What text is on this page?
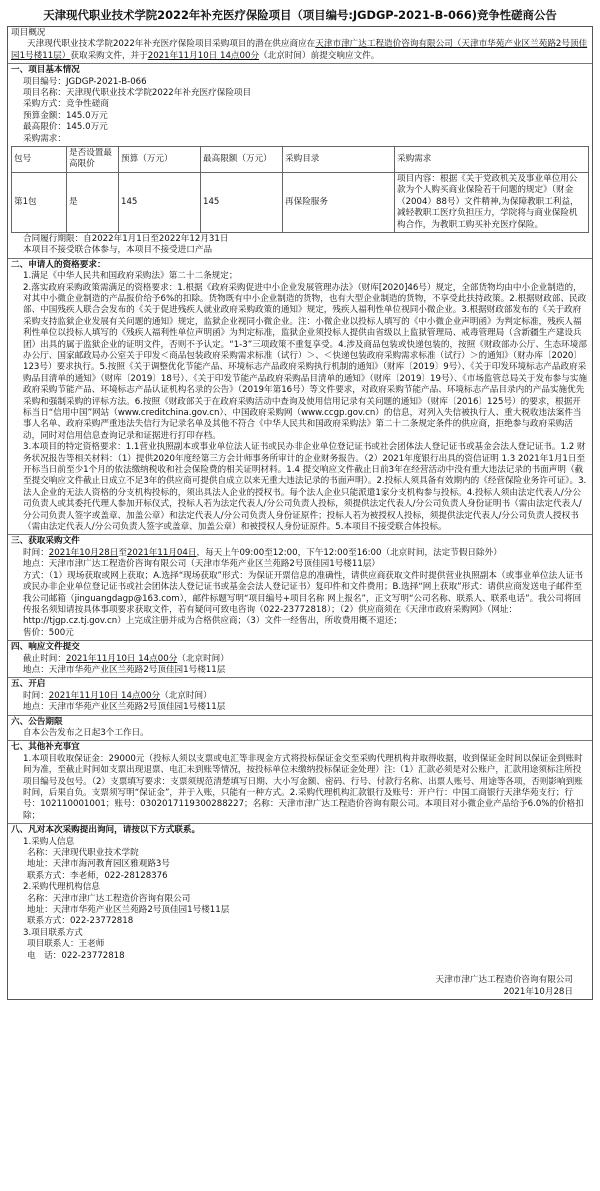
天津现代职业技术学院2022年补充医疗保险项目（项目编号:JGDGP-2021-B-066)竞争性磋商公告
项目概况
天津现代职业技术学院2022年补充医疗保险项目采购项目的潜在供应商应在天津市津广达工程造价咨询有限公司（天津市华苑产业区兰苑路2号顶佳园1号楼11层）获取采购文件，并于2021年11月10日 14点00分（北京时间）前提交响应文件。
一、项目基本情况
项目编号：JGDGP-2021-B-066
项目名称：天津现代职业技术学院2022年补充医疗保险项目
采购方式：竞争性磋商
预算金额：145.0万元
最高限价：145.0万元
采购需求：
包号	是否设置最高限价	预算（万元）	最高限额（万元）	采购目录	采购需求
第1包	是	145	145	再保险服务	项目内容：根据《关于党政机关及事业单位用公款为个人购买商业保险若干问题的规定》（财金（2004）88号）文件精神,为保障教职工利益，减轻教职工医疗负担压力，学院将与商业保险机构合作，为教职工购买补充医疗保险。
合同履行期限：自2022年1月1日至2022年12月31日
本项目不接受联合体参与，本项目不接受进口产品
二、申请人的资格要求：
1.满足《中华人民共和国政府采购法》第二十二条规定；
2.落实政府采购政策需满足的资格要求：1.根据《政府采购促进中小企业发展管理办法》（财库[2020]46号）规定，全部货物均由中小企业制造的，对其中小微企业制造的产品报价给予6%的扣除。货物既有中小企业制造的货物，也有大型企业制造的货物，不享受此扶持政策。2.根据财政部、民政部、中国残疾人联合会发布的《关于促进残疾人就业政府采购政策的通知》规定，残疾人福利性单位视同小微企业。3.根据财政部发布的《关于政府采购支持监狱企业发展有关问题的通知》规定，监狱企业视同小微企业。注：小微企业以投标人填写的《中小微企业声明函》为判定标准，残疾人福利性单位以投标人填写的《残疾人福利性单位声明函》为判定标准，监狱企业须投标人提供由省级以上监狱管理局、戒毒管理局（含新疆生产建设兵团）出具的属于监狱企业的证明文件，否则不予认定。“1-3”三项政策不重复享受。4.涉及商品包装或快递包装的，按照《财政部办公厅、生态环境部办公厅、国家邮政局办公室关于印发＜商品包装政府采购需求标准（试行）＞、＜快递包装政府采购需求标准（试行）＞的通知》（财办库〔2020〕123号）要求执行。5.按照《关于调整优化节能产品、环境标志产品政府采购执行机制的通知》（财库〔2019〕9号）、《关于印发环境标志产品政府采购品目清单的通知》（财库〔2019〕18号）、《关于印发节能产品政府采购品目清单的通知》（财库〔2019〕19号）、《市场监管总局关于发布参与实施政府采购节能产品、环境标志产品认证机构名录的公告》（2019年第16号）等文件要求，对政府采购节能产品、环境标志产品目录内的产品实施优先采购和强制采购的评标方法。6.按照《财政部关于在政府采购活动中查询及使用信用记录有关问题的通知》（财库〔2016〕125号）的要求，根据开标当日“信用中国”网站（www.creditchina.gov.cn）、中国政府采购网（www.ccgp.gov.cn）的信息，对列入失信被执行人、重大税收违法案件当事人名单、政府采购严重违法失信行为记录名单及其他不符合《中华人民共和国政府采购法》第二十二条规定条件的供应商，拒绝参与政府采购活动，同时对信用信息查询记录和证据进行打印存档。
3.本项目的特定资格要求：1.1营业执照副本或事业单位法人证书或民办非企业单位登记证书或社会团体法人登记证书或基金会法人登记证书。1.2 财务状况报告等相关材料：（1）提供2020年度经第三方会计师事务所审计的企业财务报告。（2）2021年度银行出具的资信证明 1.3 2021年1月1日至开标当日前至少1个月的依法缴纳税收和社会保险费的相关证明材料。1.4 提交响应文件截止日前3年在经营活动中没有重大违法记录的书面声明（截至提交响应文件截止日成立不足3年的供应商可提供自成立以来无重大违法记录的书面声明）。2.投标人须具备有效期内的《经营保险业务许可证》。3.法人企业的无法人资格的分支机构投标的，须出具法人企业的授权书。每个法人企业只能派遣1家分支机构参与投标。4.投标人须由法定代表人/分公司负责人或其委托代理人参加开标仪式，投标人若为法定代表人/分公司负责人投标，须提供法定代表人/分公司负责人身份证明书（需由法定代表人/分公司负责人签字或盖章、加盖公章）和法定代表人/分公司负责人身份证原件；投标人若为被授权人投标，须提供法定代表人/分公司负责人授权书（需由法定代表人/分公司负责人签字或盖章、加盖公章）和被授权人身份证原件。5.本项目不接受联合体投标。
三、获取采购文件
时间：2021年10月28日至2021年11月04日，每天上午09:00至12:00，下午12:00至16:00（北京时间，法定节假日除外）
地点：天津市津广达工程造价咨询有限公司（天津市华苑产业区兰苑路2号顶佳园1号楼11层）
方式：（1）现场获取或网上获取；A.选择“现场获取”形式：为保证开票信息的准确性，请供应商获取文件时提供营业执照副本（或事业单位法人证书或民办非企业单位登记证书或社会团体法人登记证书或基金会法人登记证书）复印件和文件费用；B.选择“网上获取”形式：请供应商发送电子邮件至我公司邮箱（jinguangdagp@163.com），邮件标题写明“项目编号+项目名称 网上报名”，正文写明“公司名称、联系人、联系电话”。我公司将回传报名须知请按具体事项要求获取文件，若有疑问可致电咨询（022-23772818）；（2）供应商须在《天津市政府采购网》（网址：http://tjgp.cz.tj.gov.cn）上完成注册并成为合格供应商；（3）文件一经售出，所收费用概不退还；
售价：500元
四、响应文件提交
截止时间：2021年11月10日 14点00分（北京时间）
地点：天津市华苑产业区兰苑路2号顶佳园1号楼11层
五、开启
时间：2021年11月10日 14点00分（北京时间）
地点：天津市华苑产业区兰苑路2号顶佳园1号楼11层
六、公告期限
自本公告发布之日起3个工作日。
七、其他补充事宜
1.本项目收取保证金：29000元（投标人须以支票或电汇等非现金方式将投标保证金交至采购代理机构并取得收据，收到保证金时间以保证金到账时间为准，至截止时间如支票出现退票、电汇未到账等情况，按投标单位未缴纳投标保证金处理）注:（1）汇款必须是对公账户，汇款用途须标注所投项目编号及包号。（2）支票填写要求：支票须规范清楚填写日期、大小写金额、密码、行号、付款行名称、出票人账号、用途等各项，否则影响到账时间，后果自负。支票须写明“保证金”，并于入账，只能有一种方式。2.采购代理机构汇款银行及账号：开户行：中国工商银行天津华苑支行；行号：102110001001；账号：0302017119300288227；名称：天津市津广达工程造价咨询有限公司。本项目对小微企业产品给予6.0%的价格扣除；
八、凡对本次采购提出询问，请按以下方式联系。
1.采购人信息
名称：天津现代职业技术学院
地址：天津市海河教育园区雅观路3号
联系方式：李老师，022-28128376
2.采购代理机构信息
名称：天津市津广达工程造价咨询有限公司
地址：天津市华苑产业区兰苑路2号顶佳园1号楼11层
联系方式：022-23772818
3.项目联系方式
项目联系人：王老师
电　话：022-23772818
天津市津广达工程造价咨询有限公司
2021年10月28日
